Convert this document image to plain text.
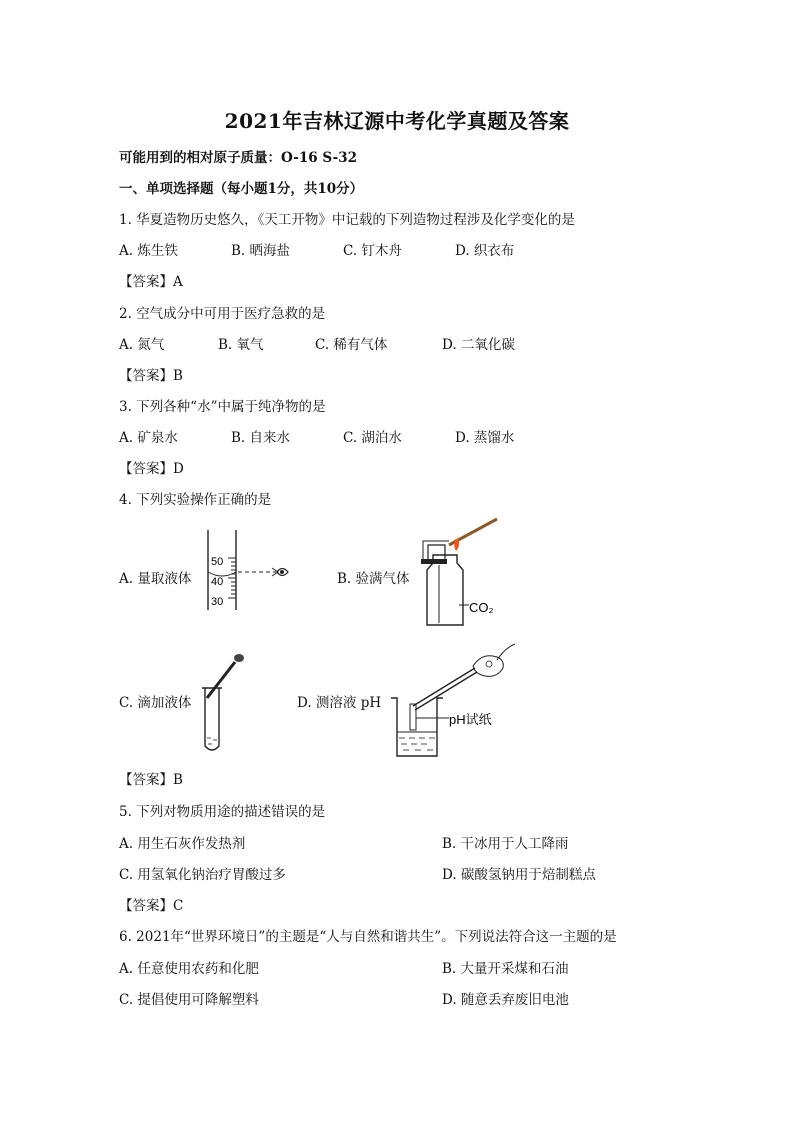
2021年吉林辽源中考化学真题及答案
可能用到的相对原子质量：O-16 S-32
一、单项选择题（每小题1分，共10分）
1. 华夏造物历史悠久，《天工开物》中记载的下列造物过程涉及化学变化的是
A. 炼生铁	B. 晒海盐	C. 钉木舟	D. 织衣布
【答案】A
2. 空气成分中可用于医疗急救的是
A. 氮气	B. 氧气	C. 稀有气体	D. 二氧化碳
【答案】B
3. 下列各种“水”中属于纯净物的是
A. 矿泉水	B. 自来水	C. 湖泊水	D. 蒸馏水
【答案】D
4. 下列实验操作正确的是
A. 量取液体
50
40
30
B. 验满气体
CO₂
C. 滴加液体	D. 测溶液 pH
pH试纸
【答案】B
5. 下列对物质用途的描述错误的是
A. 用生石灰作发热剂	B. 干冰用于人工降雨
C. 用氢氧化钠治疗胃酸过多	D. 碳酸氢钠用于焙制糕点
【答案】C
6. 2021年“世界环境日”的主题是“人与自然和谐共生”。下列说法符合这一主题的是
A. 任意使用农药和化肥	B. 大量开采煤和石油
C. 提倡使用可降解塑料	D. 随意丢弃废旧电池
